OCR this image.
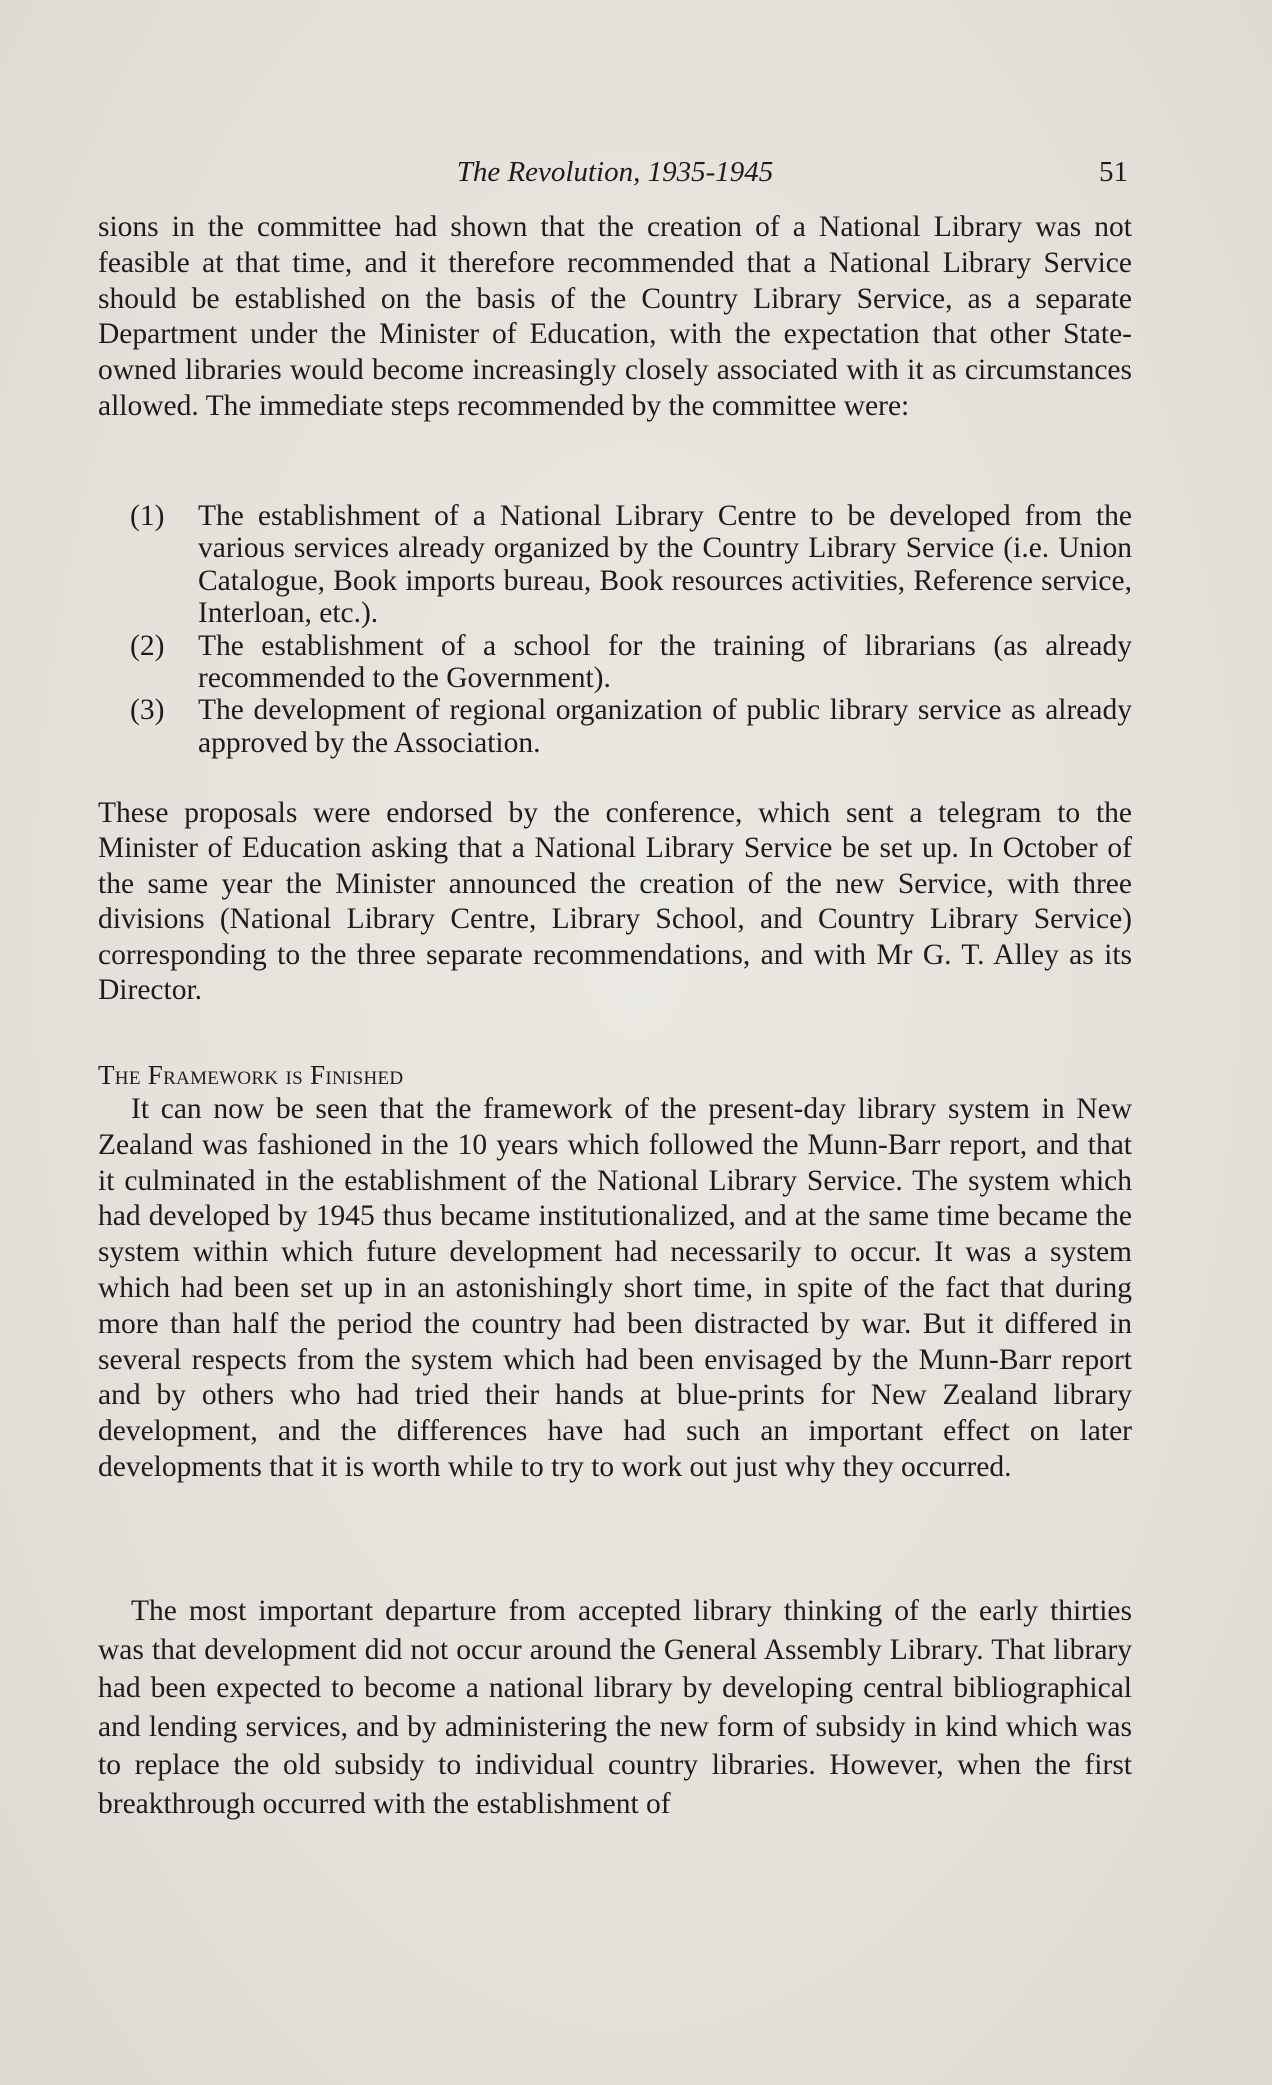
The Revolution, 1935-1945	51

sions in the committee had shown that the creation of a National Library was not feasible at that time, and it therefore recommended that a National Library Service should be established on the basis of the Country Library Service, as a separate Department under the Minister of Education, with the expectation that other State-owned libraries would become increasingly closely associated with it as circumstances allowed. The immediate steps recommended by the committee were:

(1) The establishment of a National Library Centre to be developed from the various services already organized by the Country Library Service (i.e. Union Catalogue, Book imports bureau, Book resources activities, Reference service, Interloan, etc.).
(2) The establishment of a school for the training of librarians (as already recommended to the Government).
(3) The development of regional organization of public library service as already approved by the Association.

These proposals were endorsed by the conference, which sent a telegram to the Minister of Education asking that a National Library Service be set up. In October of the same year the Minister announced the creation of the new Service, with three divisions (National Library Centre, Library School, and Country Library Service) corresponding to the three separate recommendations, and with Mr G. T. Alley as its Director.

The Framework is Finished

It can now be seen that the framework of the present-day library system in New Zealand was fashioned in the 10 years which followed the Munn-Barr report, and that it culminated in the establishment of the National Library Service. The system which had developed by 1945 thus became institutionalized, and at the same time became the system within which future development had necessarily to occur. It was a system which had been set up in an astonishingly short time, in spite of the fact that during more than half the period the country had been distracted by war. But it differed in several respects from the system which had been envisaged by the Munn-Barr report and by others who had tried their hands at blue-prints for New Zealand library development, and the differences have had such an important effect on later developments that it is worth while to try to work out just why they occurred.

The most important departure from accepted library thinking of the early thirties was that development did not occur around the General Assembly Library. That library had been expected to become a national library by developing central bibliographical and lending services, and by administering the new form of subsidy in kind which was to replace the old subsidy to individual country libraries. However, when the first breakthrough occurred with the establishment of
